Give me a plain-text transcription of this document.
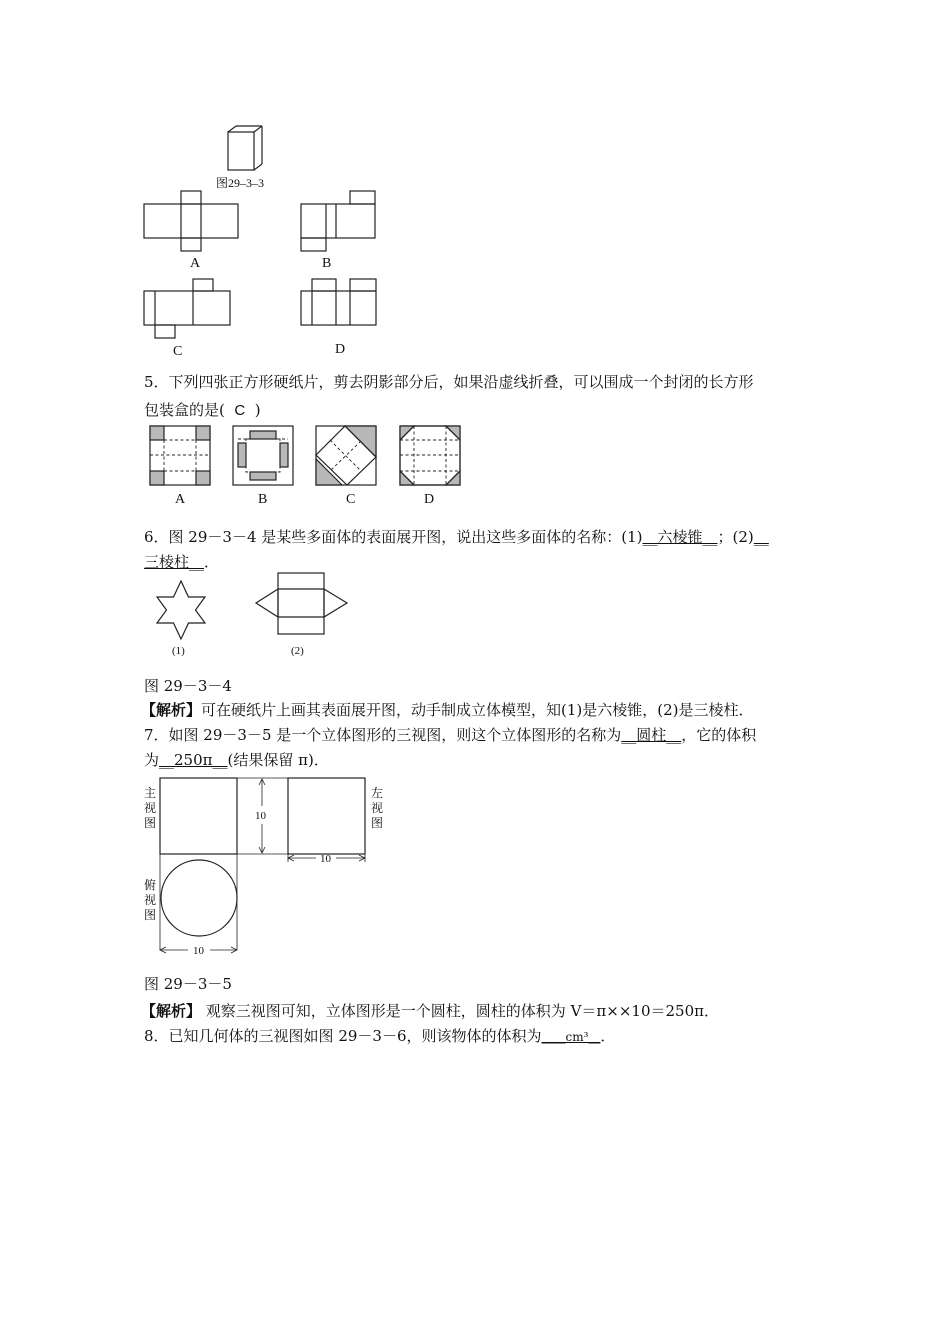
图29–3–3
A	B
C	D
5．下列四张正方形硬纸片，剪去阴影部分后，如果沿虚线折叠，可以围成一个封闭的长方形
包装盒的是( C )
A	B	C	D
6．图 29－3－4 是某些多面体的表面展开图，说出这些多面体的名称：(1)__六棱锥__；(2)__
三棱柱__．
(1)	(2)
图 29－3－4
【解析】可在硬纸片上画其表面展开图，动手制成立体模型，知(1)是六棱锥，(2)是三棱柱．
7．如图 29－3－5 是一个立体图形的三视图，则这个立体图形的名称为__圆柱__，它的体积
为__250π__(结果保留 π)．
10
10
10
主视图
左视图
俯视图
图 29－3－5
【解析】 观察三视图可知，立体图形是一个圆柱，圆柱的体积为 V＝π××10＝250π．
8．已知几何体的三视图如图 29－3－6，则该物体的体积为____cm³__．
